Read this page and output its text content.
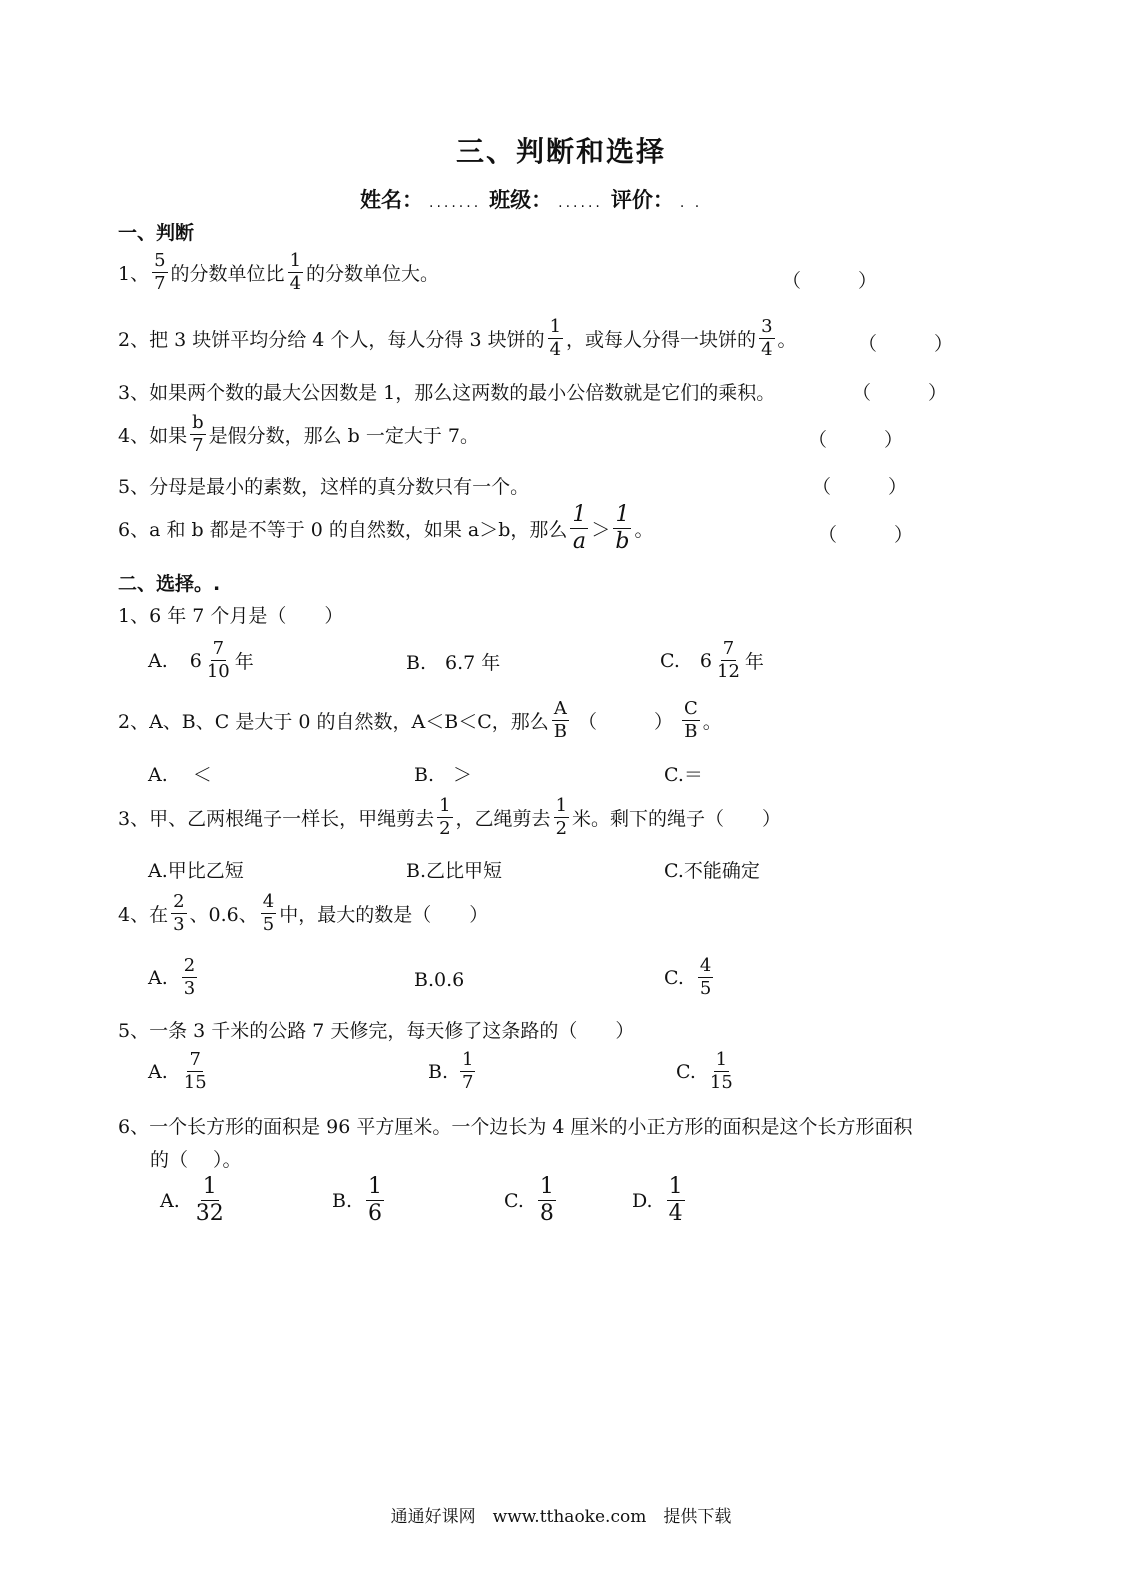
三、判断和选择
姓名： ....... 班级： ...... 评价： . .
一、判断
1、 $\frac{5}{7}$ 的分数单位比 $\frac{1}{4}$ 的分数单位大。	（　　　）
2、把 3 块饼平均分给 4 个人，每人分得 3 块饼的 $\frac{1}{4}$ ，或每人分得一块饼的 $\frac{3}{4}$ 。	（　　　）
3、如果两个数的最大公因数是 1，那么这两数的最小公倍数就是它们的乘积。	（　　　）
4、如果 $\frac{b}{7}$ 是假分数，那么 b 一定大于 7。	（　　　）
5、分母是最小的素数，这样的真分数只有一个。	（　　　）
6、a 和 b 都是不等于 0 的自然数，如果 a＞b，那么 $\frac{1}{a} > \frac{1}{b}$ 。	（　　　）
二、选择。.
1、6 年 7 个月是（　　）
A. $6 \frac{7}{10}$ 年	B.　6.7 年	C. $6 \frac{7}{12}$ 年
2、A、B、C 是大于 0 的自然数，A＜B＜C，那么 $\frac{A}{B}$ （　　　） $\frac{C}{B}$ 。
A.　 ＜	B.　＞	C.＝
3、甲、乙两根绳子一样长，甲绳剪去 $\frac{1}{2}$ ，乙绳剪去 $\frac{1}{2}$ 米。剩下的绳子（　　）
A.甲比乙短	B.乙比甲短	C.不能确定
4、在 $\frac{2}{3}$ 、0.6、 $\frac{4}{5}$ 中，最大的数是（　　）
A. $\frac{2}{3}$	B.0.6	C. $\frac{4}{5}$
5、一条 3 千米的公路 7 天修完，每天修了这条路的（　　）
A. $\frac{7}{15}$	B. $\frac{1}{7}$	C. $\frac{1}{15}$
6、一个长方形的面积是 96 平方厘米。一个边长为 4 厘米的小正方形的面积是这个长方形面积
的（　 ）。
A. $\frac{1}{32}$	B. $\frac{1}{6}$	C. $\frac{1}{8}$	D. $\frac{1}{4}$
通通好课网　www.tthaoke.com　提供下载
